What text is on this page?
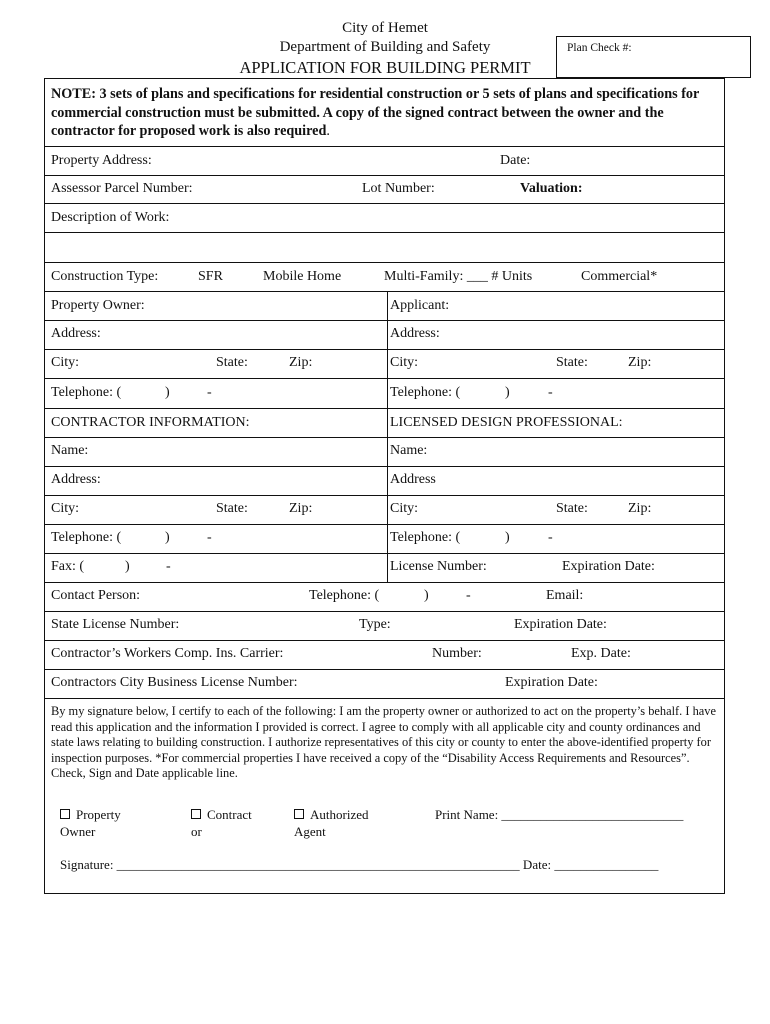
City of Hemet
Department of Building and Safety
APPLICATION FOR BUILDING PERMIT
Plan Check #:
NOTE: 3 sets of plans and specifications for residential construction or 5 sets of plans and specifications for commercial construction must be submitted. A copy of the signed contract between the owner and the contractor for proposed work is also required.
Property Address:	Date:
Assessor Parcel Number:	Lot Number:	Valuation:
Description of Work:
Construction Type:	SFR	Mobile Home	Multi-Family: ___ # Units	Commercial*
Property Owner:	Applicant:
Address:	Address:
City:	State:	Zip:	City:	State:	Zip:
Telephone: (	)	-	Telephone: (	)	-
CONTRACTOR INFORMATION:	LICENSED DESIGN PROFESSIONAL:
Name:	Name:
Address:	Address
City:	State:	Zip:	City:	State:	Zip:
Telephone: (	)	-	Telephone: (	)	-
Fax: (	)	-	License Number:	Expiration Date:
Contact Person:	Telephone: (	)	-	Email:
State License Number:	Type:	Expiration Date:
Contractor’s Workers Comp. Ins. Carrier:	Number:	Exp. Date:
Contractors City Business License Number:	Expiration Date:
By my signature below, I certify to each of the following: I am the property owner or authorized to act on the property’s behalf. I have read this application and the information I provided is correct. I agree to comply with all applicable city and county ordinances and state laws relating to building construction. I authorize representatives of this city or county to enter the above-identified property for inspection purposes. *For commercial properties I have received a copy of the “Disability Access Requirements and Resources”. Check, Sign and Date applicable line.
Property
Owner
Contract
or
Authorized
Agent
Print Name: ____________________________
Signature: ______________________________________________________________ Date: ________________
